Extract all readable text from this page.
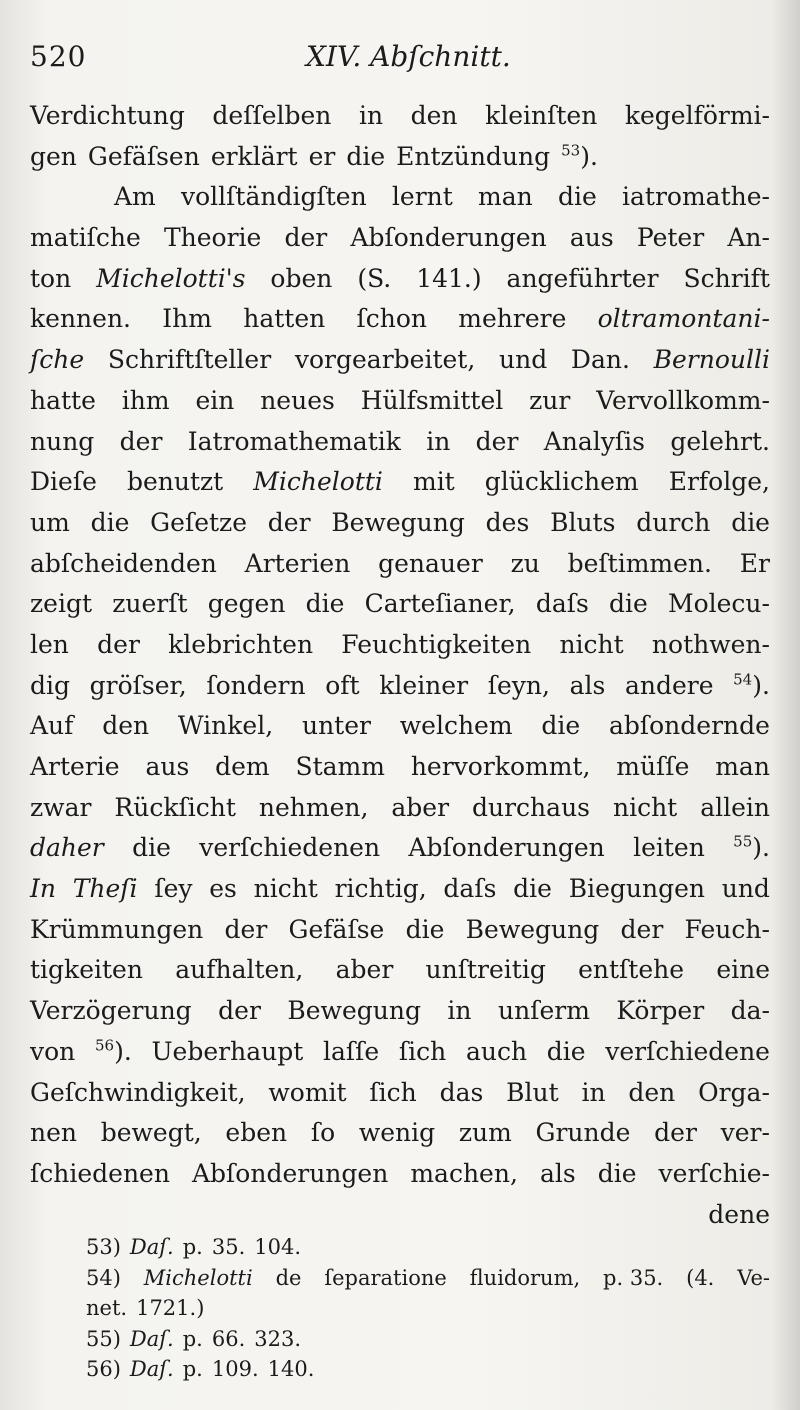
520	XIV. Abſchnitt.
Verdichtung deſſelben in den kleinſten kegelförmi-
gen Gefäſsen erklärt er die Entzündung $^{53}$).
Am vollſtändigſten lernt man die iatromathe-
matiſche Theorie der Abſonderungen aus Peter An-
ton Michelotti's oben (S. 141.) angeführter Schrift
kennen. Ihm hatten ſchon mehrere oltramontani-
ſche Schriftſteller vorgearbeitet, und Dan. Bernoulli
hatte ihm ein neues Hülfsmittel zur Vervollkomm-
nung der Iatromathematik in der Analyſis gelehrt.
Dieſe benutzt Michelotti mit glücklichem Erfolge,
um die Geſetze der Bewegung des Bluts durch die
abſcheidenden Arterien genauer zu beſtimmen. Er
zeigt zuerſt gegen die Carteſianer, daſs die Molecu-
len der klebrichten Feuchtigkeiten nicht nothwen-
dig gröſser, ſondern oft kleiner ſeyn, als andere $^{54}$).
Auf den Winkel, unter welchem die abſondernde
Arterie aus dem Stamm hervorkommt, müſſe man
zwar Rückſicht nehmen, aber durchaus nicht allein
daher die verſchiedenen Abſonderungen leiten $^{55}$).
In Theſi ſey es nicht richtig, daſs die Biegungen und
Krümmungen der Gefäſse die Bewegung der Feuch-
tigkeiten aufhalten, aber unſtreitig entſtehe eine
Verzögerung der Bewegung in unſerm Körper da-
von $^{56}$). Ueberhaupt laſſe ſich auch die verſchiedene
Geſchwindigkeit, womit ſich das Blut in den Orga-
nen bewegt, eben ſo wenig zum Grunde der ver-
ſchiedenen Abſonderungen machen, als die verſchie-
dene
53) Daſ. p. 35. 104.
54) Michelotti de ſeparatione fluidorum, p. 35. (4. Ve-
net. 1721.)
55) Daſ. p. 66. 323.
56) Daſ. p. 109. 140.
